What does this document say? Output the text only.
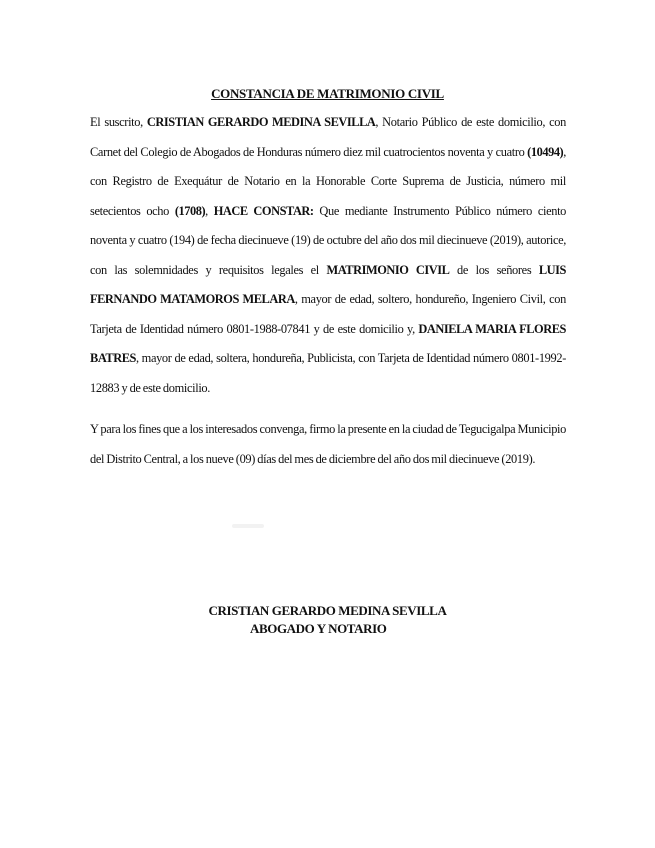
CONSTANCIA DE MATRIMONIO CIVIL

El suscrito, CRISTIAN GERARDO MEDINA SEVILLA, Notario Público de este domicilio, con Carnet del Colegio de Abogados de Honduras número diez mil cuatrocientos noventa y cuatro (10494), con Registro de Exequátur de Notario en la Honorable Corte Suprema de Justicia, número mil setecientos ocho (1708), HACE CONSTAR: Que mediante Instrumento Público número ciento noventa y cuatro (194) de fecha diecinueve (19) de octubre del año dos mil diecinueve (2019), autorice, con las solemnidades y requisitos legales el MATRIMONIO CIVIL de los señores LUIS FERNANDO MATAMOROS MELARA, mayor de edad, soltero, hondureño, Ingeniero Civil, con Tarjeta de Identidad número 0801-1988-07841 y de este domicilio y, DANIELA MARIA FLORES BATRES, mayor de edad, soltera, hondureña, Publicista, con Tarjeta de Identidad número 0801-1992-12883 y de este domicilio.

Y para los fines que a los interesados convenga, firmo la presente en la ciudad de Tegucigalpa Municipio del Distrito Central, a los nueve (09) días del mes de diciembre del año dos mil diecinueve (2019).

CRISTIAN GERARDO MEDINA SEVILLA
ABOGADO Y NOTARIO
